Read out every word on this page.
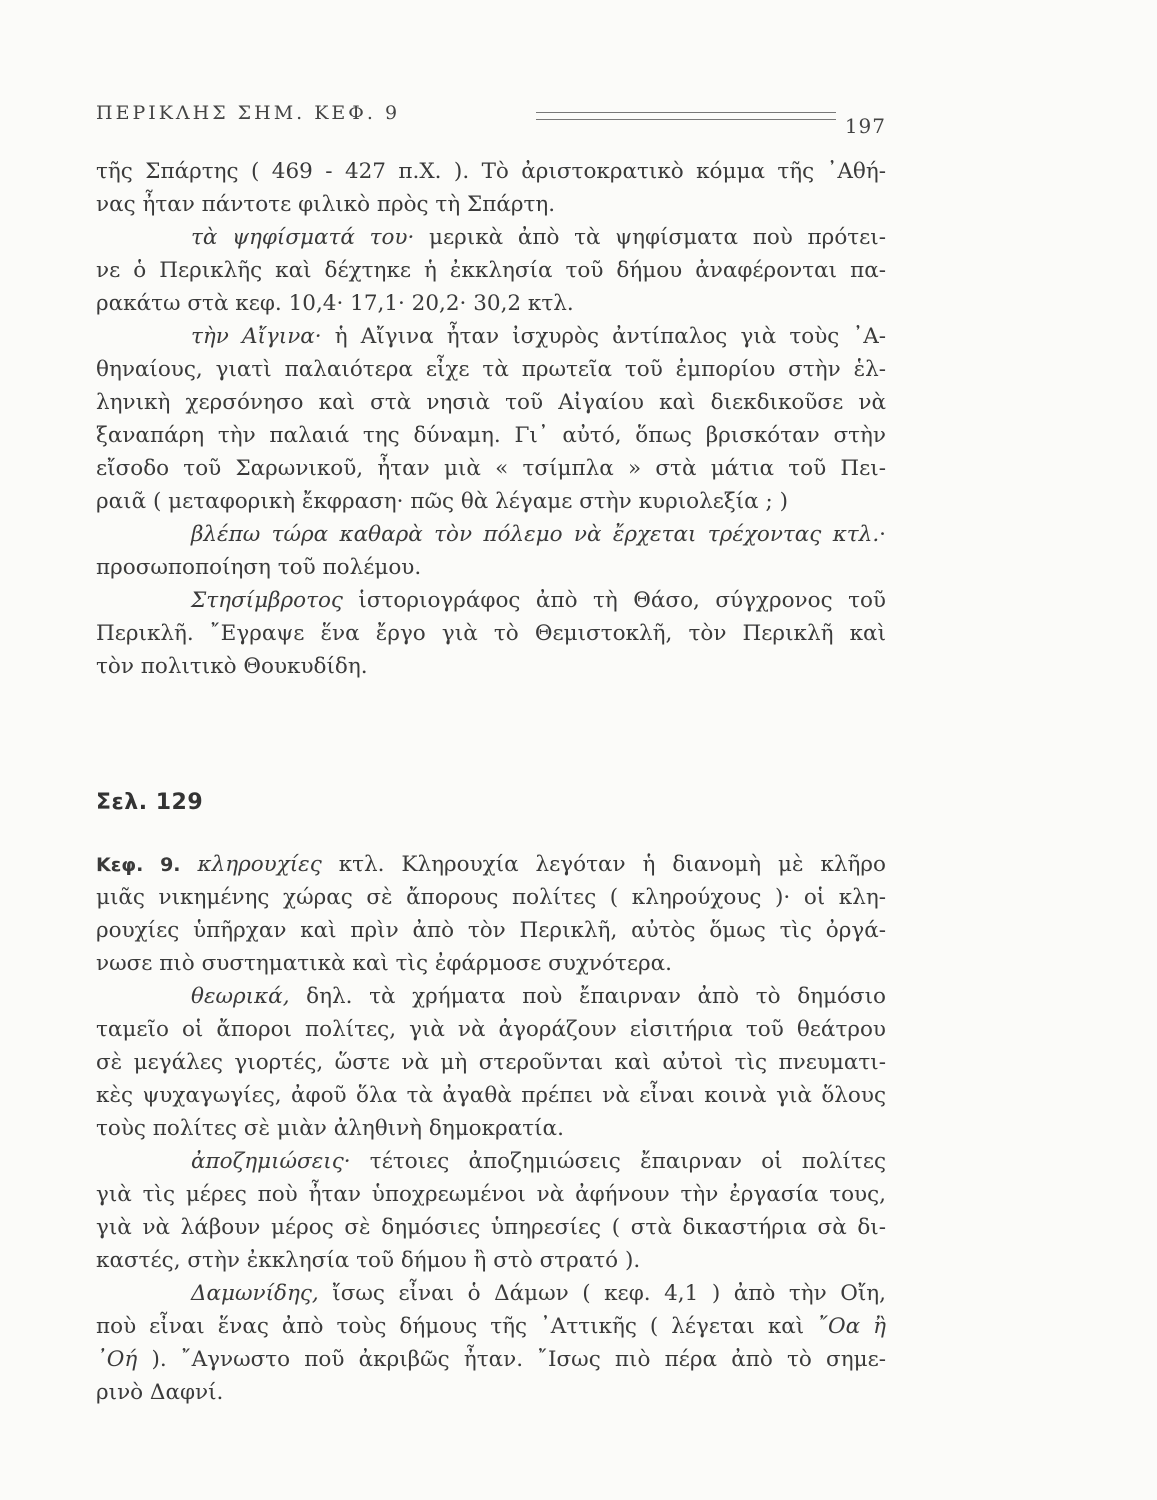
ΠΕΡΙΚΛΗΣ ΣΗΜ. ΚΕΦ. 9
197
τῆς Σπάρτης ( 469 - 427 π.Χ. ). Τὸ ἀριστοκρατικὸ κόμμα τῆς ᾿Αθή-
νας ἦταν πάντοτε φιλικὸ πρὸς τὴ Σπάρτη.
τὰ ψηφίσματά του· μερικὰ ἀπὸ τὰ ψηφίσματα ποὺ πρότει-
νε ὁ Περικλῆς καὶ δέχτηκε ἡ ἐκκλησία τοῦ δήμου ἀναφέρονται πα-
ρακάτω στὰ κεφ. 10,4· 17,1· 20,2· 30,2 κτλ.
τὴν Αἴγινα· ἡ Αἴγινα ἦταν ἰσχυρὸς ἀντίπαλος γιὰ τοὺς ᾿Α-
θηναίους, γιατὶ παλαιότερα εἶχε τὰ πρωτεῖα τοῦ ἐμπορίου στὴν ἑλ-
ληνικὴ χερσόνησο καὶ στὰ νησιὰ τοῦ Αἰγαίου καὶ διεκδικοῦσε νὰ
ξαναπάρη τὴν παλαιά της δύναμη. Γι᾿ αὐτό, ὅπως βρισκόταν στὴν
εἴσοδο τοῦ Σαρωνικοῦ, ἦταν μιὰ « τσίμπλα » στὰ μάτια τοῦ Πει-
ραιᾶ ( μεταφορικὴ ἔκφραση· πῶς θὰ λέγαμε στὴν κυριολεξία ; )
βλέπω τώρα καθαρὰ τὸν πόλεμο νὰ ἔρχεται τρέχοντας κτλ.·
προσωποποίηση τοῦ πολέμου.
Στησίμβροτος ἱστοριογράφος ἀπὸ τὴ Θάσο, σύγχρονος τοῦ
Περικλῆ. ῎Εγραψε ἕνα ἔργο γιὰ τὸ Θεμιστοκλῆ, τὸν Περικλῆ καὶ
τὸν πολιτικὸ Θουκυδίδη.
Σελ. 129
Κεφ. 9. κληρουχίες κτλ. Κληρουχία λεγόταν ἡ διανομὴ μὲ κλῆρο
μιᾶς νικημένης χώρας σὲ ἄπορους πολίτες ( κληρούχους )· οἱ κλη-
ρουχίες ὑπῆρχαν καὶ πρὶν ἀπὸ τὸν Περικλῆ, αὐτὸς ὅμως τὶς ὀργά-
νωσε πιὸ συστηματικὰ καὶ τὶς ἐφάρμοσε συχνότερα.
θεωρικά, δηλ. τὰ χρήματα ποὺ ἔπαιρναν ἀπὸ τὸ δημόσιο
ταμεῖο οἱ ἄποροι πολίτες, γιὰ νὰ ἀγοράζουν εἰσιτήρια τοῦ θεάτρου
σὲ μεγάλες γιορτές, ὥστε νὰ μὴ στεροῦνται καὶ αὐτοὶ τὶς πνευματι-
κὲς ψυχαγωγίες, ἀφοῦ ὅλα τὰ ἀγαθὰ πρέπει νὰ εἶναι κοινὰ γιὰ ὅλους
τοὺς πολίτες σὲ μιὰν ἀληθινὴ δημοκρατία.
ἀποζημιώσεις· τέτοιες ἀποζημιώσεις ἔπαιρναν οἱ πολίτες
γιὰ τὶς μέρες ποὺ ἦταν ὑποχρεωμένοι νὰ ἀφήνουν τὴν ἐργασία τους,
γιὰ νὰ λάβουν μέρος σὲ δημόσιες ὑπηρεσίες ( στὰ δικαστήρια σὰ δι-
καστές, στὴν ἐκκλησία τοῦ δήμου ἢ στὸ στρατό ).
Δαμωνίδης, ἴσως εἶναι ὁ Δάμων ( κεφ. 4,1 ) ἀπὸ τὴν Οἴη,
ποὺ εἶναι ἕνας ἀπὸ τοὺς δήμους τῆς ᾿Αττικῆς ( λέγεται καὶ ῎Οα ἢ
᾿Οή ). ῎Αγνωστο ποῦ ἀκριβῶς ἦταν. ῎Ισως πιὸ πέρα ἀπὸ τὸ σημε-
ρινὸ Δαφνί.
